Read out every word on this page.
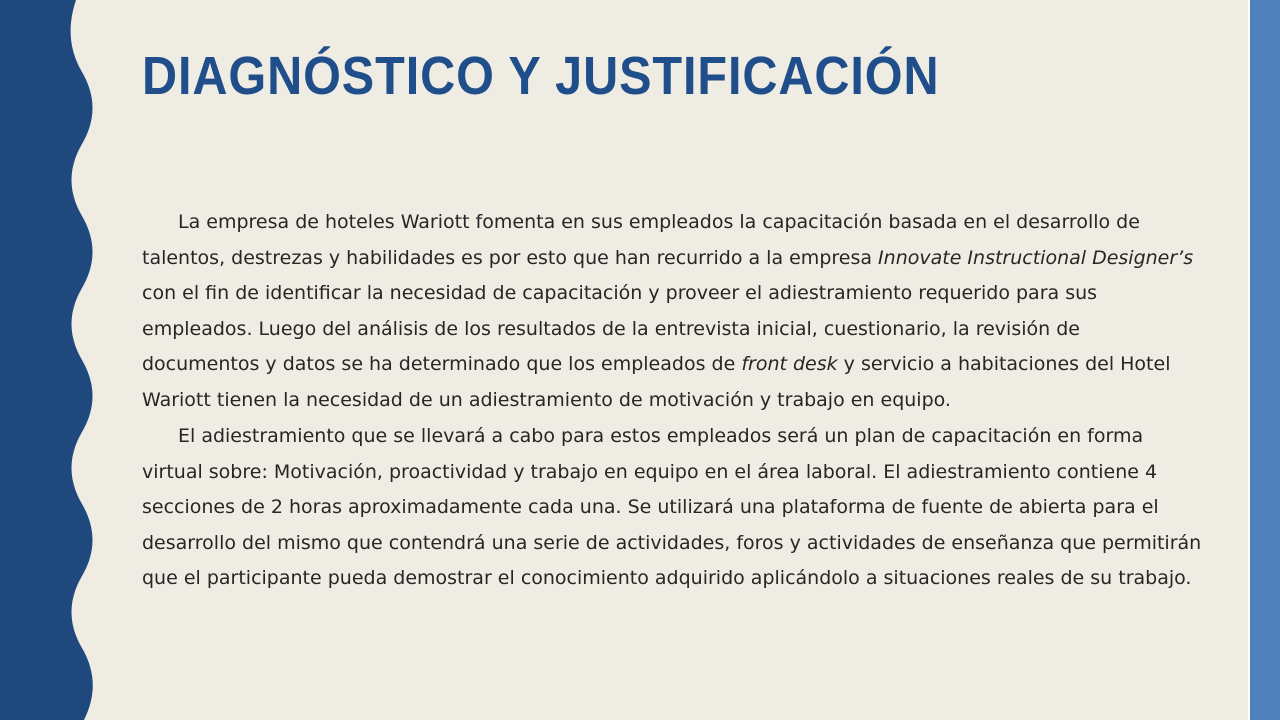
DIAGNÓSTICO Y JUSTIFICACIÓN

La empresa de hoteles Wariott fomenta en sus empleados la capacitación basada en el desarrollo de talentos, destrezas y habilidades es por esto que han recurrido a la empresa Innovate Instructional Designer’s con el fin de identificar la necesidad de capacitación y proveer el adiestramiento requerido para sus empleados. Luego del análisis de los resultados de la entrevista inicial, cuestionario, la revisión de documentos y datos se ha determinado que los empleados de front desk y servicio a habitaciones del Hotel Wariott tienen la necesidad de un adiestramiento de motivación y trabajo en equipo.

El adiestramiento que se llevará a cabo para estos empleados será un plan de capacitación en forma virtual sobre: Motivación, proactividad y trabajo en equipo en el área laboral. El adiestramiento contiene 4 secciones de 2 horas aproximadamente cada una. Se utilizará una plataforma de fuente de abierta para el desarrollo del mismo que contendrá una serie de actividades, foros y actividades de enseñanza que permitirán que el participante pueda demostrar el conocimiento adquirido aplicándolo a situaciones reales de su trabajo.
